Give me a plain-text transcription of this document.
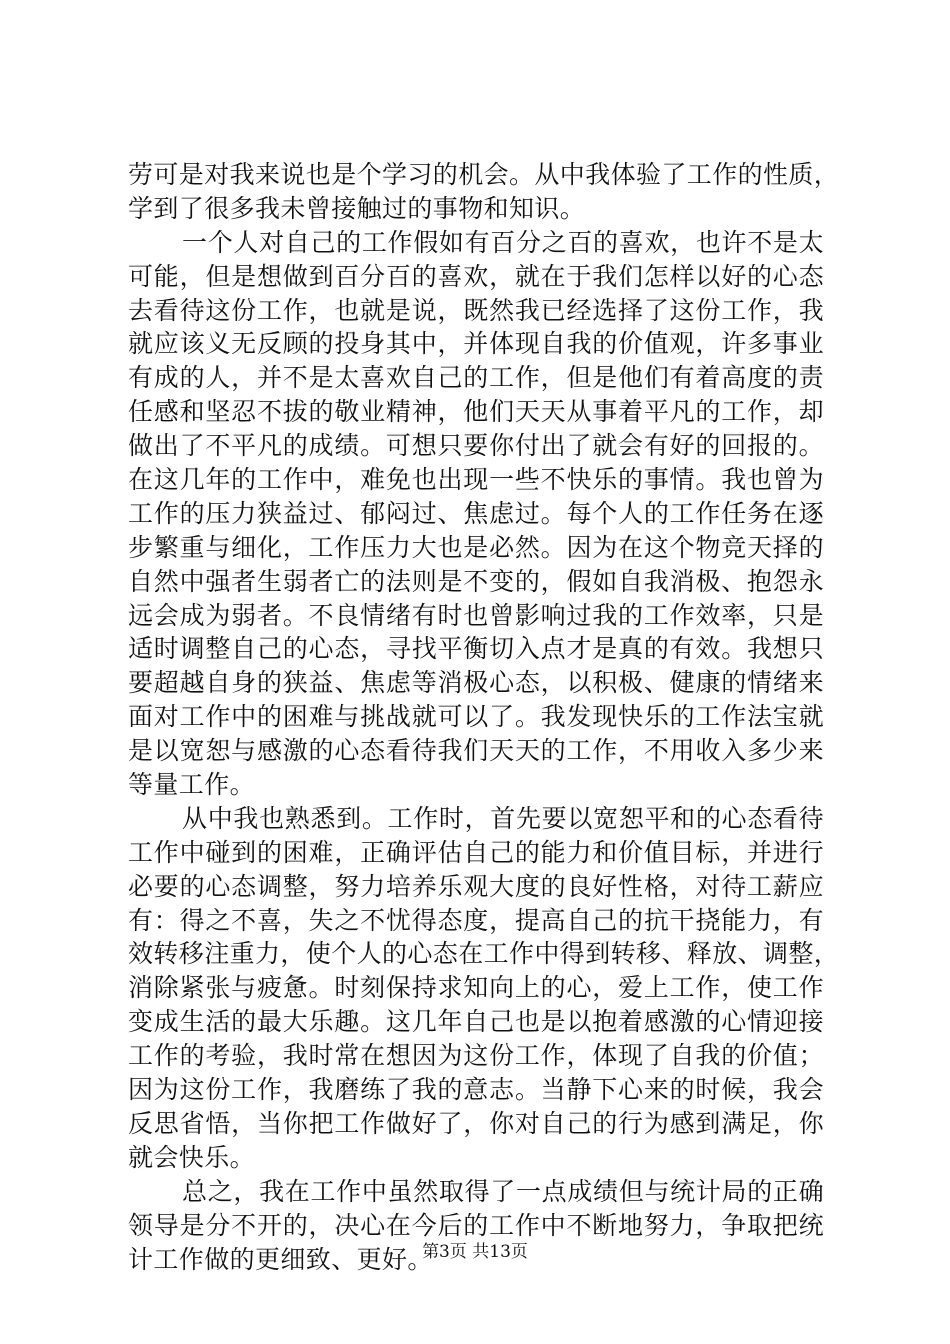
劳可是对我来说也是个学习的机会。从中我体验了工作的性质，
学到了很多我未曾接触过的事物和知识。
一个人对自己的工作假如有百分之百的喜欢，也许不是太
可能，但是想做到百分百的喜欢，就在于我们怎样以好的心态
去看待这份工作，也就是说，既然我已经选择了这份工作，我
就应该义无反顾的投身其中，并体现自我的价值观，许多事业
有成的人，并不是太喜欢自己的工作，但是他们有着高度的责
任感和坚忍不拔的敬业精神，他们天天从事着平凡的工作，却
做出了不平凡的成绩。可想只要你付出了就会有好的回报的。
在这几年的工作中，难免也出现一些不快乐的事情。我也曾为
工作的压力狭益过、郁闷过、焦虑过。每个人的工作任务在逐
步繁重与细化，工作压力大也是必然。因为在这个物竞天择的
自然中强者生弱者亡的法则是不变的，假如自我消极、抱怨永
远会成为弱者。不良情绪有时也曾影响过我的工作效率，只是
适时调整自己的心态，寻找平衡切入点才是真的有效。我想只
要超越自身的狭益、焦虑等消极心态，以积极、健康的情绪来
面对工作中的困难与挑战就可以了。我发现快乐的工作法宝就
是以宽恕与感激的心态看待我们天天的工作，不用收入多少来
等量工作。
从中我也熟悉到。工作时，首先要以宽恕平和的心态看待
工作中碰到的困难，正确评估自己的能力和价值目标，并进行
必要的心态调整，努力培养乐观大度的良好性格，对待工薪应
有：得之不喜，失之不忧得态度，提高自己的抗干挠能力，有
效转移注重力，使个人的心态在工作中得到转移、释放、调整，
消除紧张与疲惫。时刻保持求知向上的心，爱上工作，使工作
变成生活的最大乐趣。这几年自己也是以抱着感激的心情迎接
工作的考验，我时常在想因为这份工作，体现了自我的价值；
因为这份工作，我磨练了我的意志。当静下心来的时候，我会
反思省悟，当你把工作做好了，你对自己的行为感到满足，你
就会快乐。
总之，我在工作中虽然取得了一点成绩但与统计局的正确
领导是分不开的，决心在今后的工作中不断地努力，争取把统
计工作做的更细致、更好。
第3页 共13页
